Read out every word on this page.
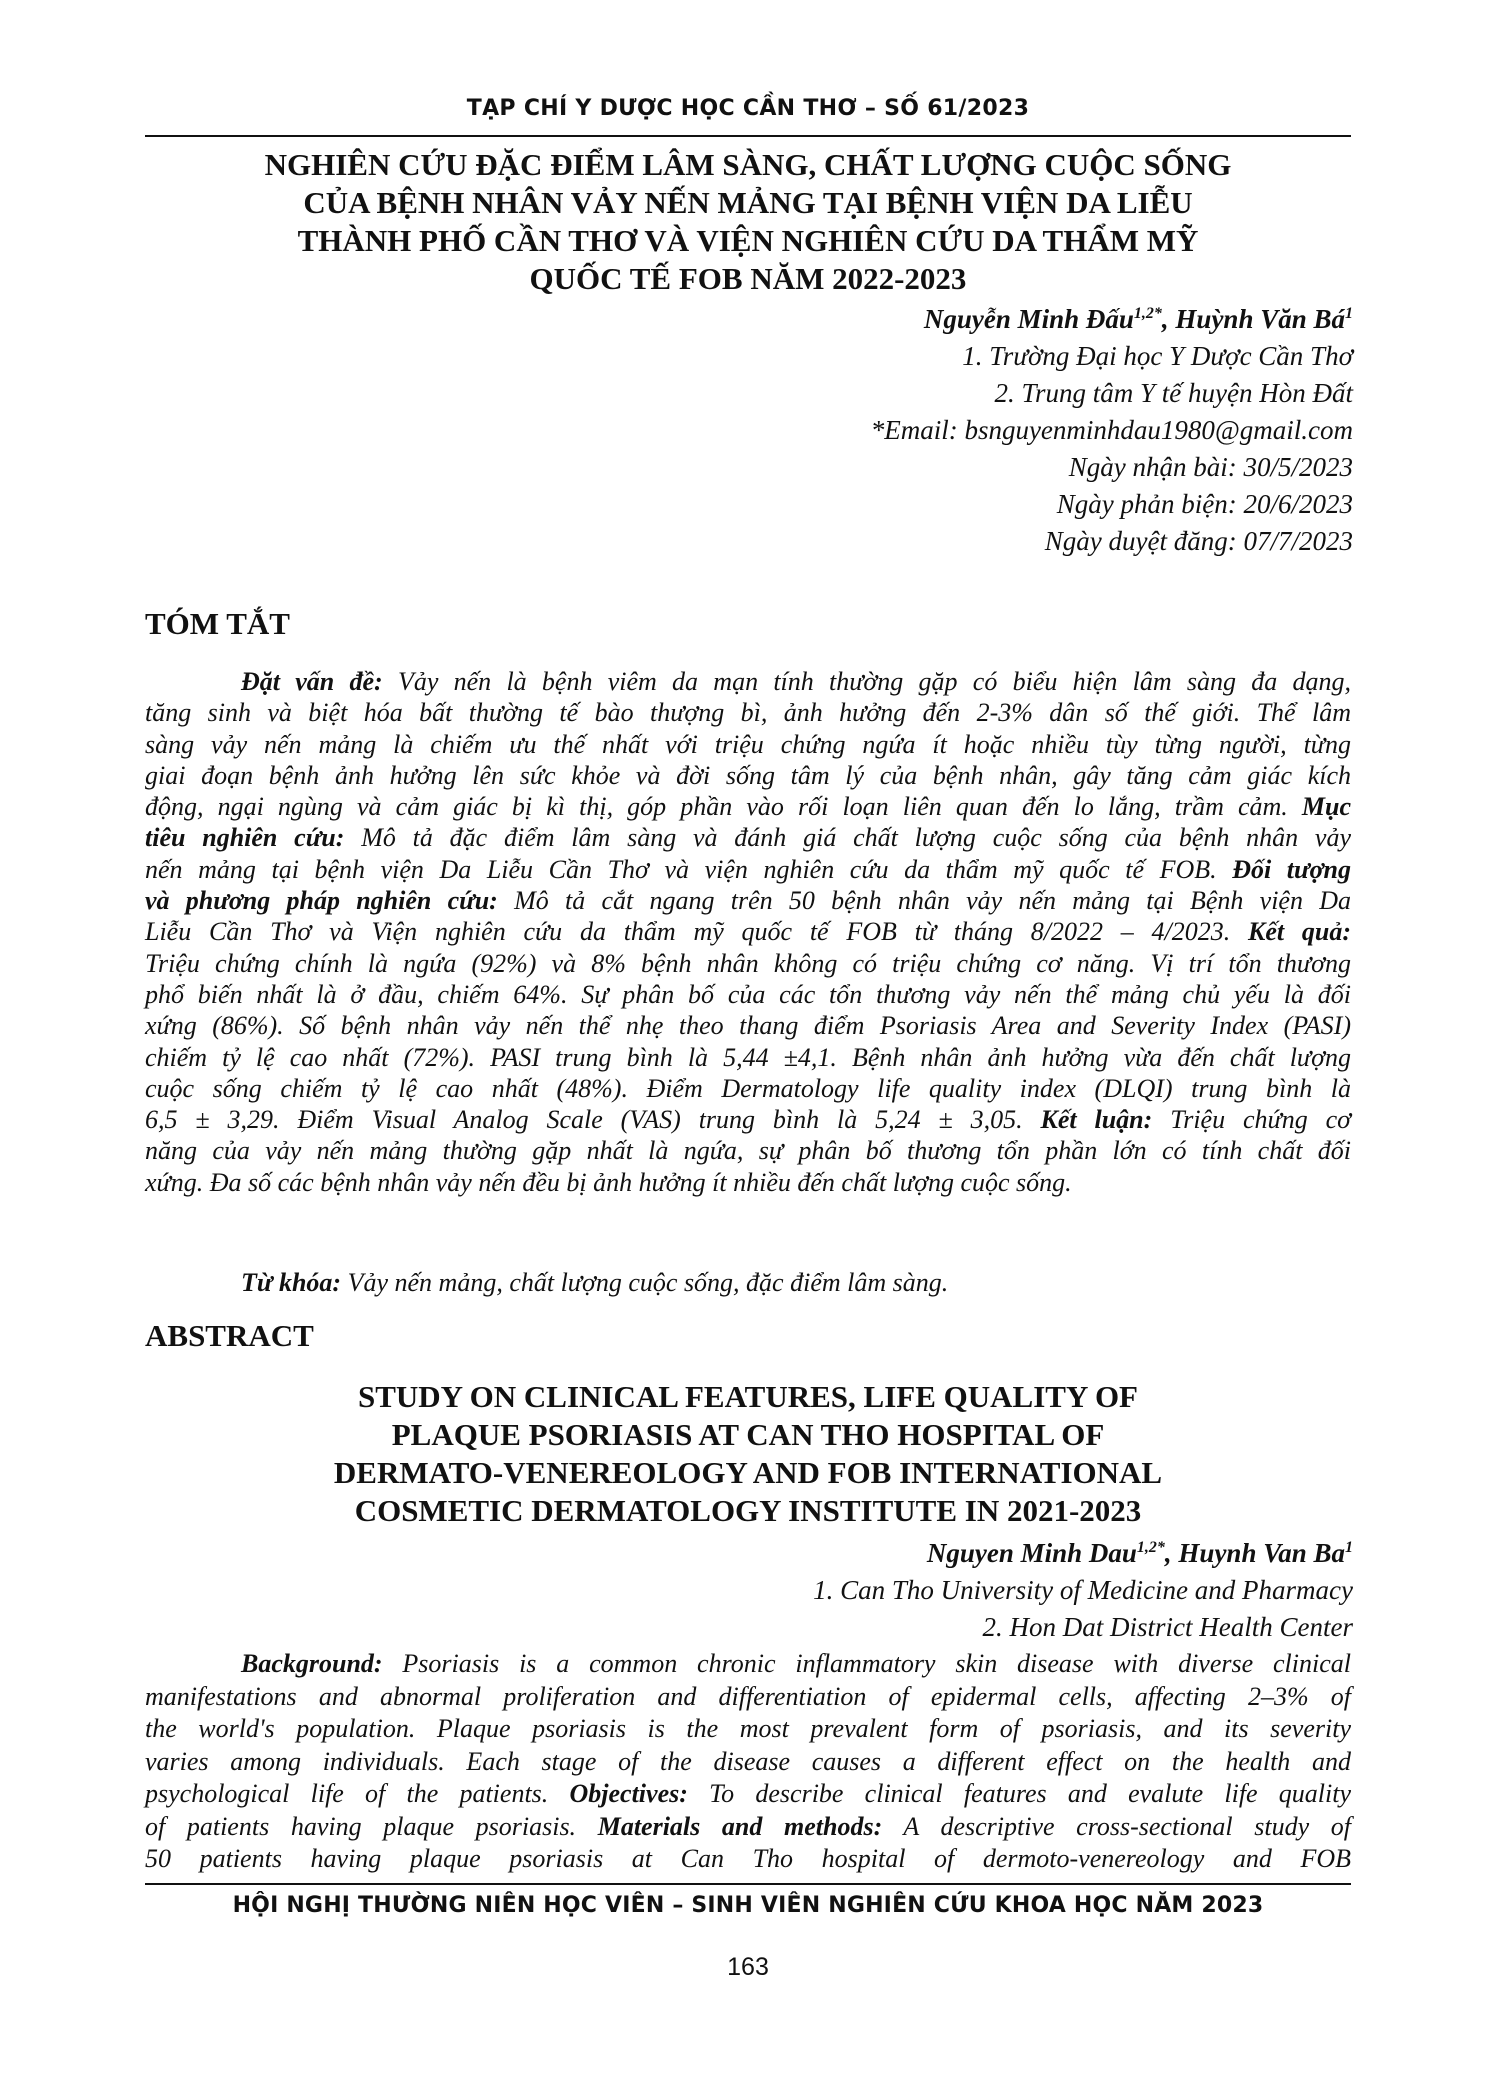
TẠP CHÍ Y DƯỢC HỌC CẦN THƠ – SỐ 61/2023
NGHIÊN CỨU ĐẶC ĐIỂM LÂM SÀNG, CHẤT LƯỢNG CUỘC SỐNG
CỦA BỆNH NHÂN VẢY NẾN MẢNG TẠI BỆNH VIỆN DA LIỄU
THÀNH PHỐ CẦN THƠ VÀ VIỆN NGHIÊN CỨU DA THẨM MỸ
QUỐC TẾ FOB NĂM 2022-2023
Nguyễn Minh Đấu$^{1,2*}$, Huỳnh Văn $Bá^1$
1. Trường Đại học Y Dược Cần Thơ
2. Trung tâm Y tế huyện Hòn Đất
*Email: bsnguyenminhdau1980@gmail.com
Ngày nhận bài: 30/5/2023
Ngày phản biện: 20/6/2023
Ngày duyệt đăng: 07/7/2023
TÓM TẮT
Đặt vấn đề: Vảy nến là bệnh viêm da mạn tính thường gặp có biểu hiện lâm sàng đa dạng,
tăng sinh và biệt hóa bất thường tế bào thượng bì, ảnh hưởng đến 2-3% dân số thế giới. Thể lâm
sàng vảy nến mảng là chiếm ưu thế nhất với triệu chứng ngứa ít hoặc nhiều tùy từng người, từng
giai đoạn bệnh ảnh hưởng lên sức khỏe và đời sống tâm lý của bệnh nhân, gây tăng cảm giác kích
động, ngại ngùng và cảm giác bị kì thị, góp phần vào rối loạn liên quan đến lo lắng, trầm cảm. Mục
tiêu nghiên cứu: Mô tả đặc điểm lâm sàng và đánh giá chất lượng cuộc sống của bệnh nhân vảy
nến mảng tại bệnh viện Da Liễu Cần Thơ và viện nghiên cứu da thẩm mỹ quốc tế FOB. Đối tượng
và phương pháp nghiên cứu: Mô tả cắt ngang trên 50 bệnh nhân vảy nến mảng tại Bệnh viện Da
Liễu Cần Thơ và Viện nghiên cứu da thẩm mỹ quốc tế FOB từ tháng 8/2022 – 4/2023. Kết quả:
Triệu chứng chính là ngứa (92%) và 8% bệnh nhân không có triệu chứng cơ năng. Vị trí tổn thương
phổ biến nhất là ở đầu, chiếm 64%. Sự phân bố của các tổn thương vảy nến thể mảng chủ yếu là đối
xứng (86%). Số bệnh nhân vảy nến thể nhẹ theo thang điểm Psoriasis Area and Severity Index (PASI)
chiếm tỷ lệ cao nhất (72%). PASI trung bình là 5,44 ±4,1. Bệnh nhân ảnh hưởng vừa đến chất lượng
cuộc sống chiếm tỷ lệ cao nhất (48%). Điểm Dermatology life quality index (DLQI) trung bình là
6,5 ± 3,29. Điểm Visual Analog Scale (VAS) trung bình là 5,24 ± 3,05. Kết luận: Triệu chứng cơ
năng của vảy nến mảng thường gặp nhất là ngứa, sự phân bố thương tổn phần lớn có tính chất đối
xứng. Đa số các bệnh nhân vảy nến đều bị ảnh hưởng ít nhiều đến chất lượng cuộc sống.
Từ khóa: Vảy nến mảng, chất lượng cuộc sống, đặc điểm lâm sàng.
ABSTRACT
STUDY ON CLINICAL FEATURES, LIFE QUALITY OF
PLAQUE PSORIASIS AT CAN THO HOSPITAL OF
DERMATO-VENEREOLOGY AND FOB INTERNATIONAL
COSMETIC DERMATOLOGY INSTITUTE IN 2021-2023
Nguyen Minh Dau$^{1,2*}$, Huynh Van Ba$^1$
1. Can Tho University of Medicine and Pharmacy
2. Hon Dat District Health Center
Background: Psoriasis is a common chronic inflammatory skin disease with diverse clinical
manifestations and abnormal proliferation and differentiation of epidermal cells, affecting 2–3% of
the world's population. Plaque psoriasis is the most prevalent form of psoriasis, and its severity
varies among individuals. Each stage of the disease causes a different effect on the health and
psychological life of the patients. Objectives: To describe clinical features and evalute life quality
of patients having plaque psoriasis. Materials and methods: A descriptive cross-sectional study of
50 patients having plaque psoriasis at Can Tho hospital of dermoto-venereology and FOB
HỘI NGHỊ THƯỜNG NIÊN HỌC VIÊN – SINH VIÊN NGHIÊN CỨU KHOA HỌC NĂM 2023
163
